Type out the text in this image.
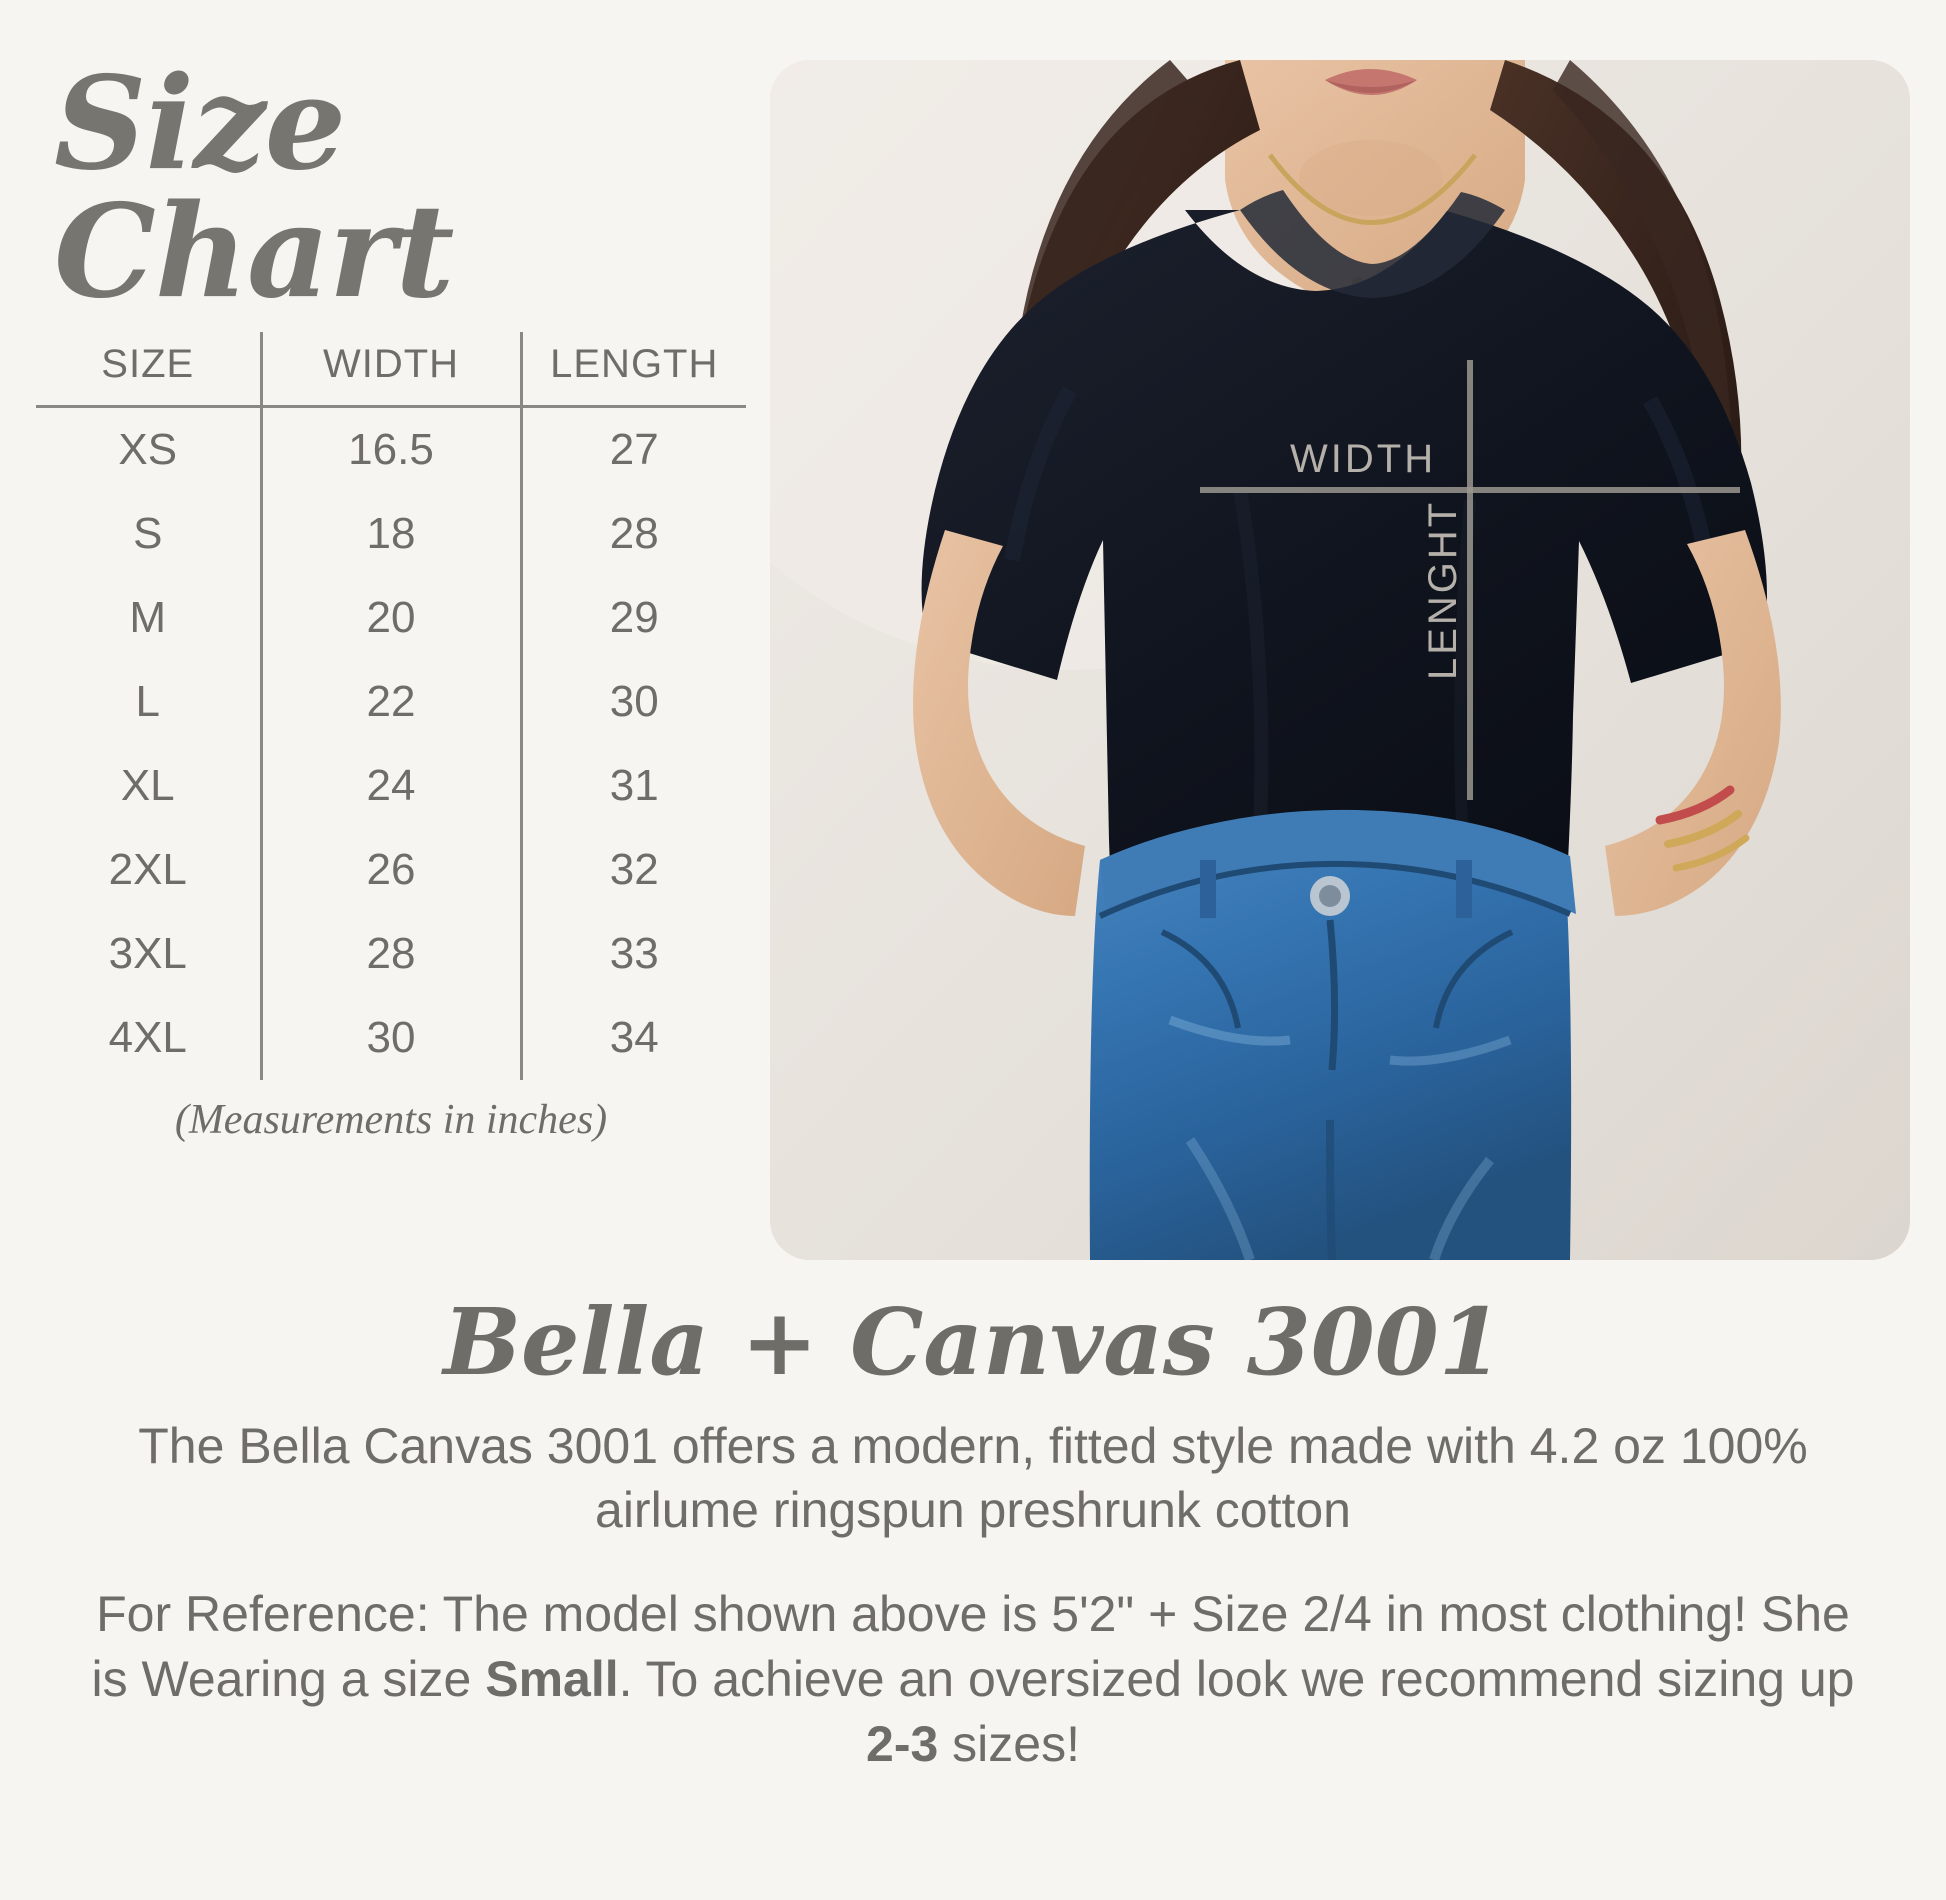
Size Chart
SIZE	WIDTH	LENGTH
XS	16.5	27
S	18	28
M	20	29
L	22	30
XL	24	31
2XL	26	32
3XL	28	33
4XL	30	34
(Measurements in inches)
WIDTH
LENGHT
Bella + Canvas 3001
The Bella Canvas 3001 offers a modern, fitted style made with 4.2 oz 100% airlume ringspun preshrunk cotton
For Reference: The model shown above is 5'2" + Size 2/4 in most clothing! She is Wearing a size Small. To achieve an oversized look we recommend sizing up 2-3 sizes!
